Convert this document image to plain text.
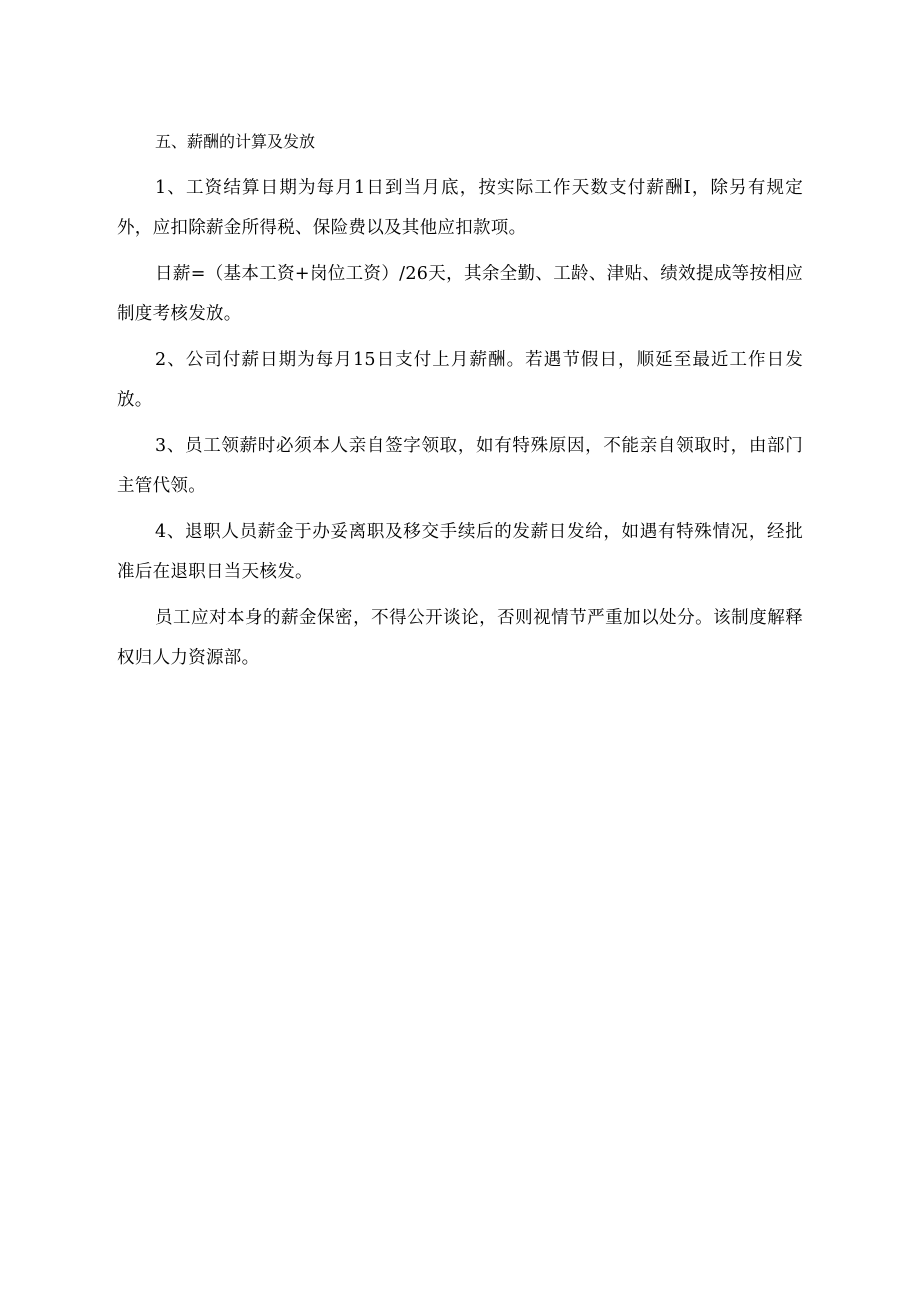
五、薪酬的计算及发放

1、工资结算日期为每月1日到当月底，按实际工作天数支付薪酬I，除另有规定外，应扣除薪金所得税、保险费以及其他应扣款项。

日薪=（基本工资+岗位工资）/26天，其余全勤、工龄、津贴、绩效提成等按相应制度考核发放。

2、公司付薪日期为每月15日支付上月薪酬。若遇节假日，顺延至最近工作日发放。

3、员工领薪时必须本人亲自签字领取，如有特殊原因，不能亲自领取时，由部门主管代领。

4、退职人员薪金于办妥离职及移交手续后的发薪日发给，如遇有特殊情况，经批准后在退职日当天核发。

员工应对本身的薪金保密，不得公开谈论，否则视情节严重加以处分。该制度解释权归人力资源部。
